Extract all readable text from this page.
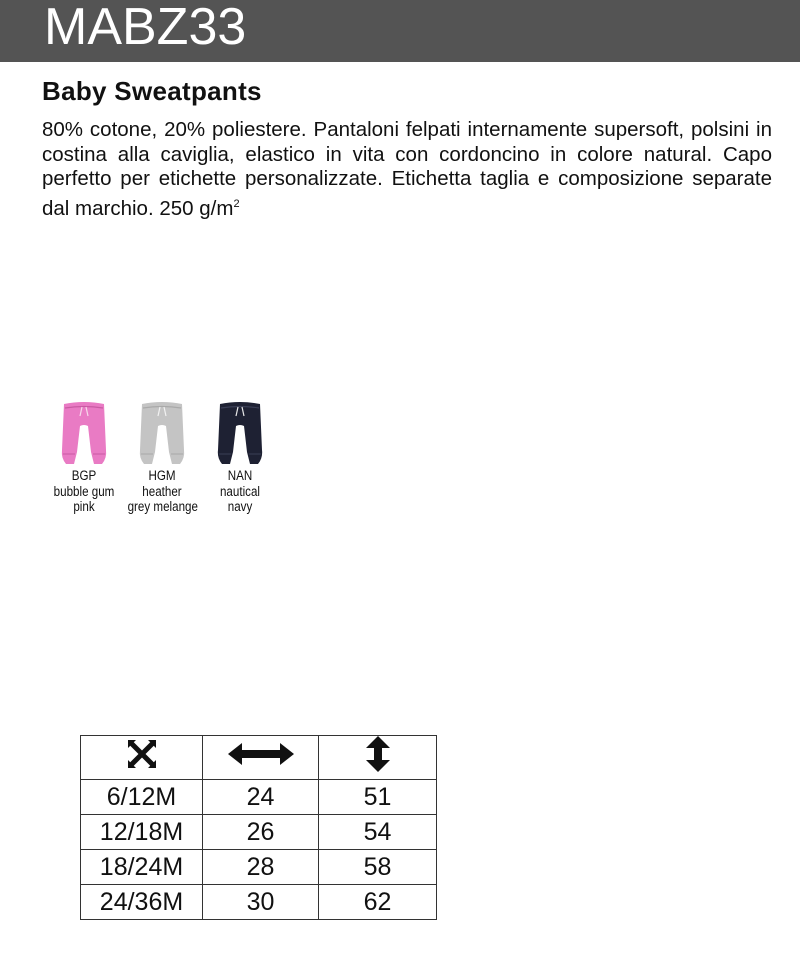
MABZ33
Baby Sweatpants
80% cotone, 20% poliestere. Pantaloni felpati internamente supersoft, polsini in costina alla caviglia, elastico in vita con cordoncino in colore natural. Capo perfetto per etichette personalizzate. Etichetta taglia e composizione separate dal marchio. 250 $g/m^2$
BGP
bubble gum
pink
HGM
heather
grey melange
NAN
nautical
navy

6/12M	24	51
12/18M	26	54
18/24M	28	58
24/36M	30	62
